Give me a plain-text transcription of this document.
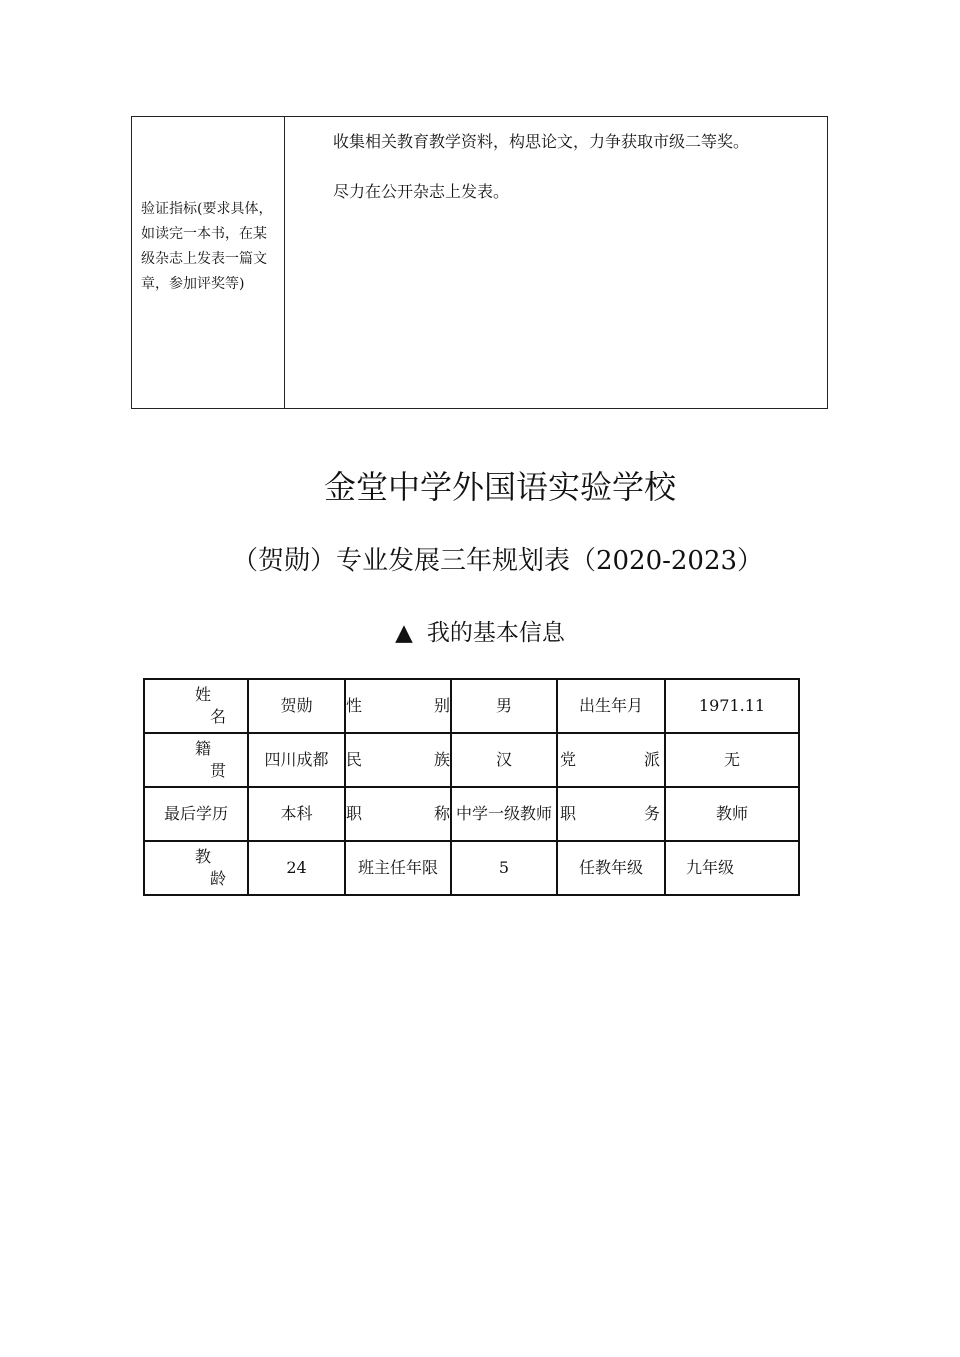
验证指标(要求具体，如读完一本书，在某级杂志上发表一篇文章，参加评奖等)

收集相关教育教学资料，构思论文，力争获取市级二等奖。

尽力在公开杂志上发表。

金堂中学外国语实验学校
（贺勋）专业发展三年规划表（2020-2023）
▲ 我的基本信息
姓
名	贺勋	性别	男	出生年月	1971.11

籍
贯	四川成都	民族	汉	党派	无
最后学历	本科	职称	中学一级教师	职务	教师

教
龄	24	班主任年限	5	任教年级	九年级
